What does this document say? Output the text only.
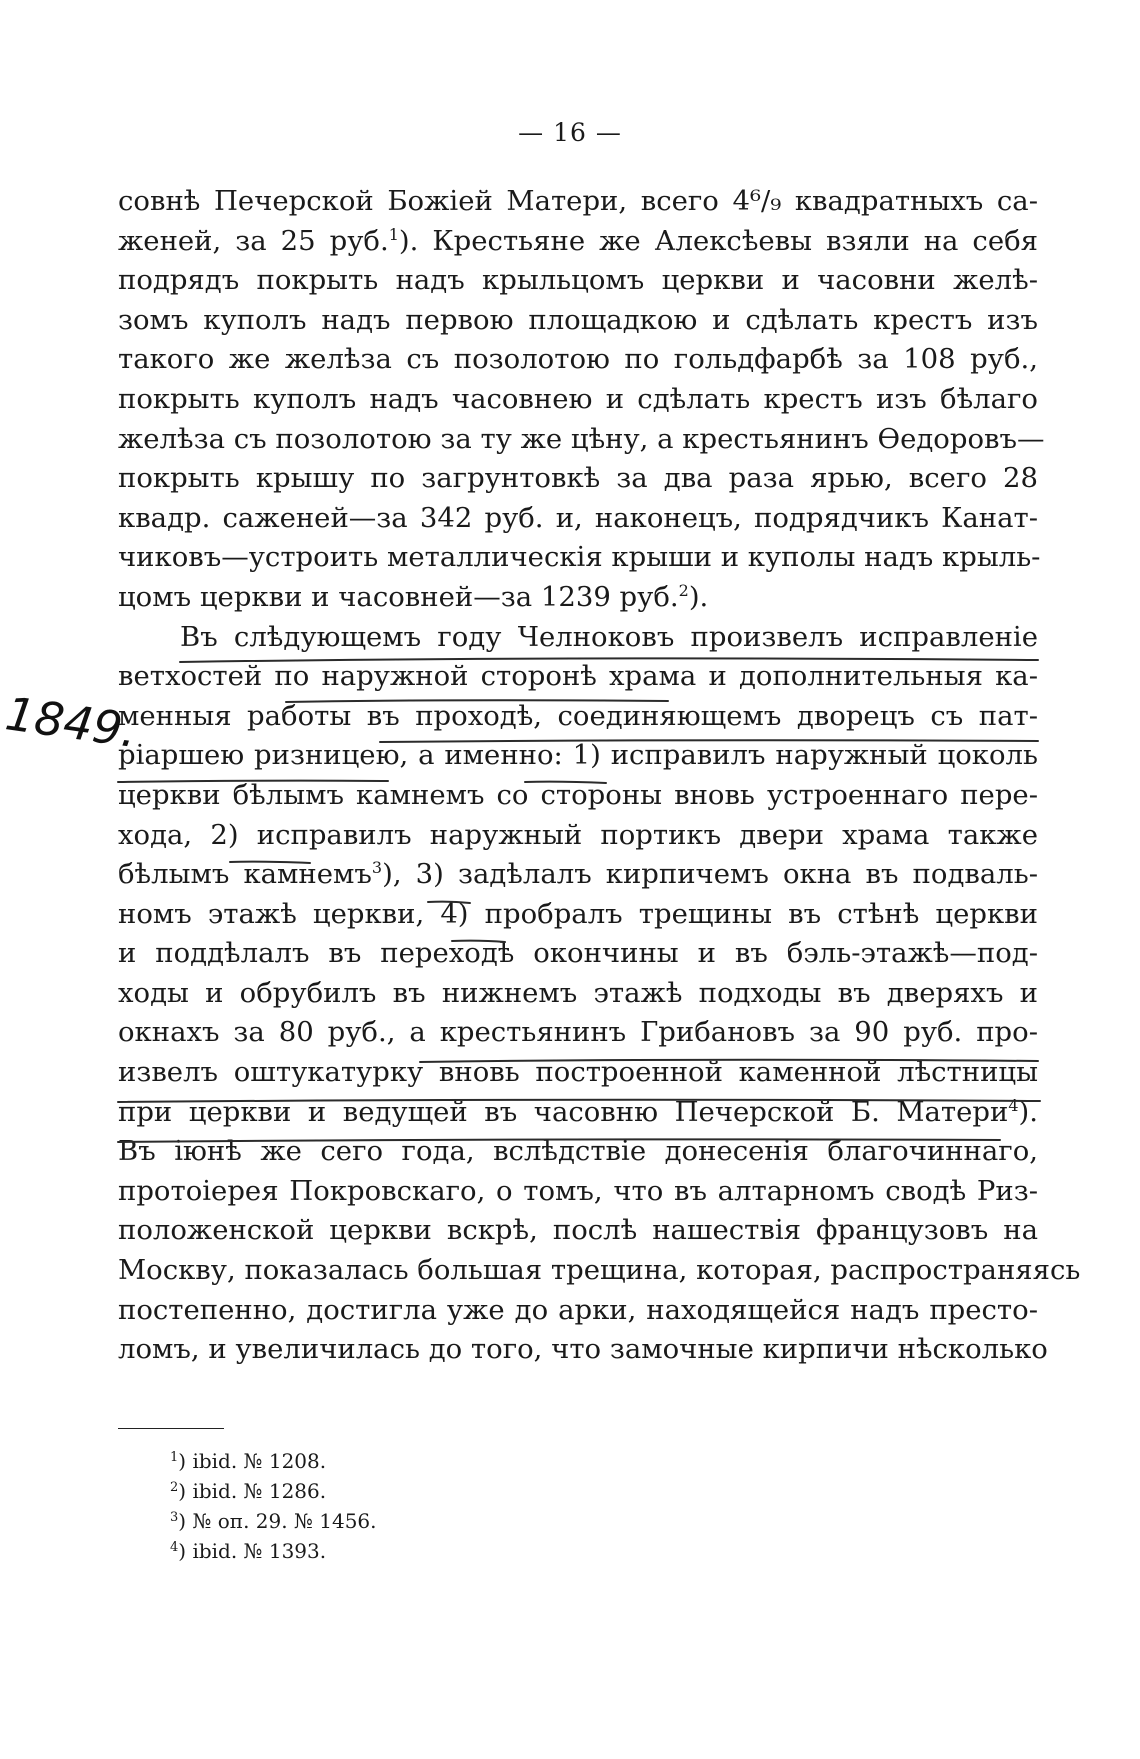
— 16 —
1849.
совнѣ Печерской Божiей Матери, всего 4⁶/₉ квадратныхъ са-
женей, за 25 руб.$^1$). Крестьяне же Алексѣевы взяли на себя
подрядъ покрыть надъ крыльцомъ церкви и часовни желѣ-
зомъ куполъ надъ первою площадкою и сдѣлать крестъ изъ
такого же желѣза съ позолотою по гольдфарбѣ за 108 руб.,
покрыть куполъ надъ часовнею и сдѣлать крестъ изъ бѣлаго
желѣза съ позолотою за ту же цѣну, а крестьянинъ Өедоровъ—
покрыть крышу по загрунтовкѣ за два раза ярью, всего 28
квадр. саженей—за 342 руб. и, наконецъ, подрядчикъ Канат-
чиковъ—устроить металлическiя крыши и куполы надъ крыль-
цомъ церкви и часовней—за 1239 руб.$^2$).
Въ слѣдующемъ году Челноковъ произвелъ исправленiе
ветхостей по наружной сторонѣ храма и дополнительныя ка-
менныя работы въ проходѣ, соединяющемъ дворецъ съ пат-
рiаршею ризницею, а именно: 1) исправилъ наружный цоколь
церкви бѣлымъ камнемъ со стороны вновь устроеннаго пере-
хода, 2) исправилъ наружный портикъ двери храма также
бѣлымъ камнемъ$^3$), 3) задѣлалъ кирпичемъ окна въ подваль-
номъ этажѣ церкви, 4) пробралъ трещины въ стѣнѣ церкви
и поддѣлалъ въ переходѣ окончины и въ бэль-этажѣ—под-
ходы и обрубилъ въ нижнемъ этажѣ подходы въ дверяхъ и
окнахъ за 80 руб., а крестьянинъ Грибановъ за 90 руб. про-
извелъ оштукатурку вновь построенной каменной лѣстницы
при церкви и ведущей въ часовню Печерской Б. Матери$^4$).
Въ iюнѣ же сего года, вслѣдствiе донесенiя благочиннаго,
протоiерея Покровскаго, о томъ, что въ алтарномъ сводѣ Риз-
положенской церкви вскрѣ, послѣ нашествiя французовъ на
Москву, показалась большая трещина, которая, распространяясь
постепенно, достигла уже до арки, находящейся надъ престо-
ломъ, и увеличилась до того, что замочные кирпичи нѣсколько
$^1$) ibid. № 1208.
$^2$) ibid. № 1286.
$^3$) № оп. 29. № 1456.
$^4$) ibid. № 1393.
